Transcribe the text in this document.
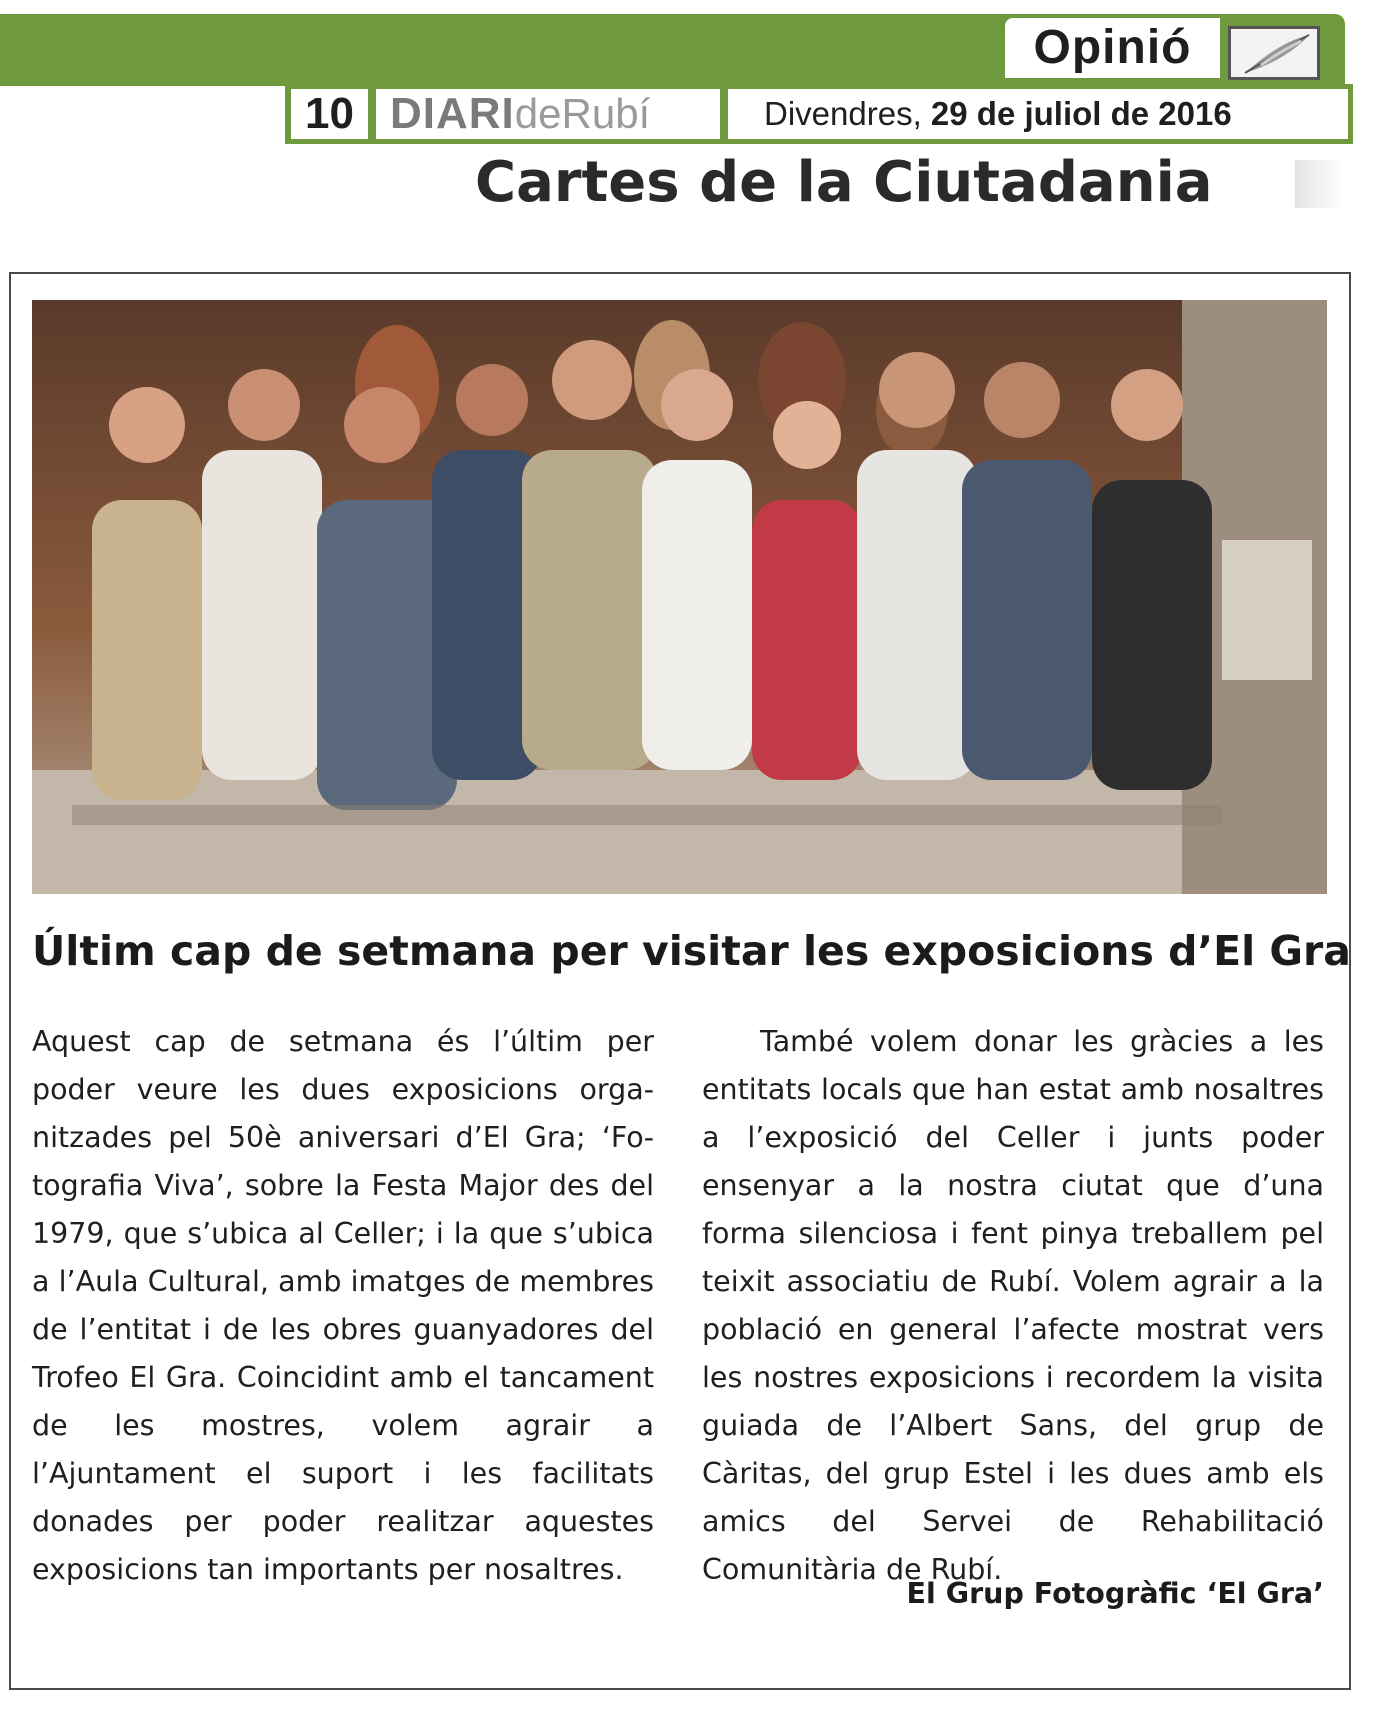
Opinió
10 DIARIdeRubí	Divendres, 29 de juliol de 2016
Cartes de la Ciutadania
Últim cap de setmana per visitar les exposicions d’El Gra
Aquest cap de setmana és l’últim per poder veure les dues exposicions organitzades pel 50è aniversari d’El Gra; ‘Fotografia Viva’, sobre la Festa Major des del 1979, que s’ubica al Celler; i la que s’ubica a l’Aula Cultural, amb imatges de membres de l’entitat i de les obres guanyadores del Trofeo El Gra. Coincidint amb el tancament de les mostres, volem agrair a l’Ajuntament el suport i les facilitats donades per poder realitzar aquestes exposicions tan importants per nosaltres.
També volem donar les gràcies a les entitats locals que han estat amb nosaltres a l’exposició del Celler i junts poder ensenyar a la nostra ciutat que d’una forma silenciosa i fent pinya treballem pel teixit associatiu de Rubí. Volem agrair a la població en general l’afecte mostrat vers les nostres exposicions i recordem la visita guiada de l’Albert Sans, del grup de Càritas, del grup Estel i les dues amb els amics del Servei de Rehabilitació Comunitària de Rubí.
El Grup Fotogràfic ‘El Gra’
